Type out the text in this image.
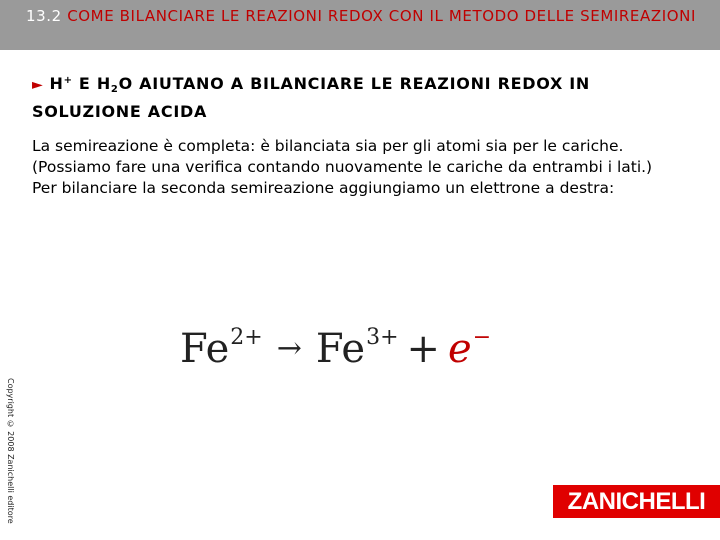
13.2 COME BILANCIARE LE REAZIONI REDOX CON IL METODO DELLE SEMIREAZIONI
► H+ E $H_2O$ AIUTANO A BILANCIARE LE REAZIONI REDOX IN SOLUZIONE ACIDA

La semireazione è completa: è bilanciata sia per gli atomi sia per le cariche. (Possiamo fare una verifica contando nuovamente le cariche da entrambi i lati.)

Per bilanciare la seconda semireazione aggiungiamo un elettrone a destra:

$Fe^{2+} \to Fe^{3+} + e^-$
Copyright © 2008 Zanichelli editore	ZANICHELLI
